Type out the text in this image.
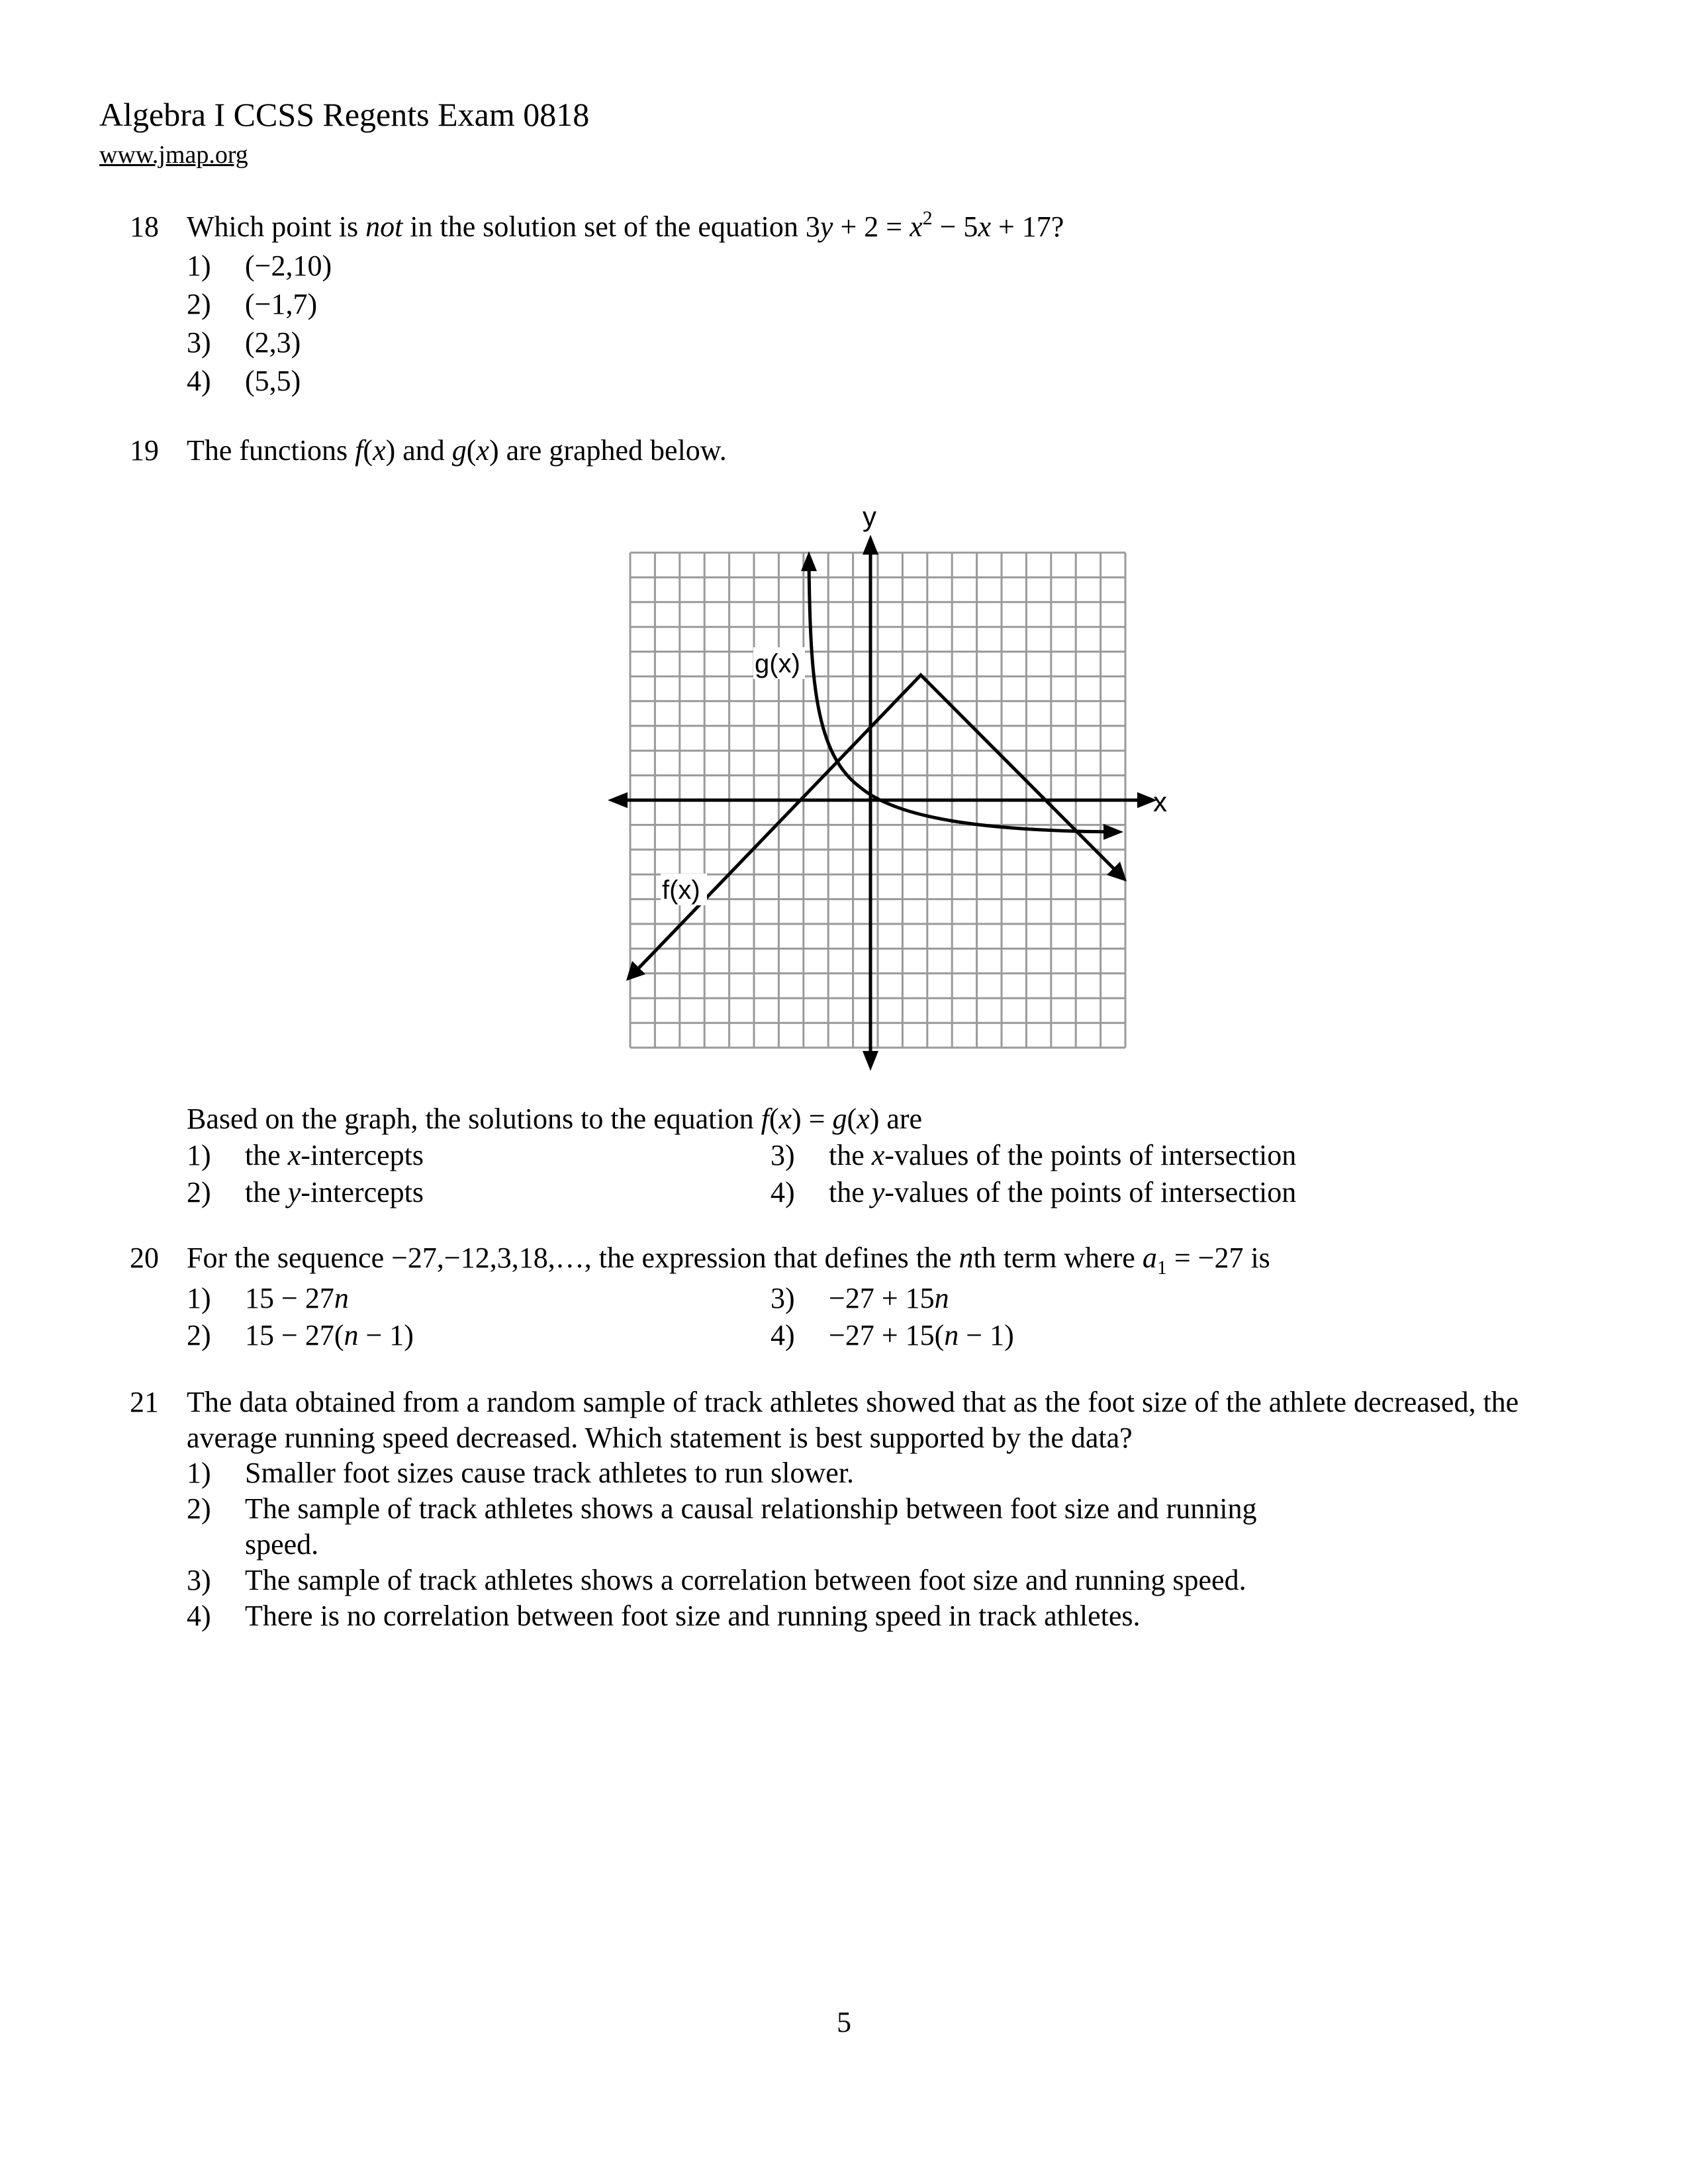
Algebra I CCSS Regents Exam 0818
www.jmap.org
18 Which point is not in the solution set of the equation $3y + 2 = x^2 - 5x + 17$?
1) (−2,10)
2) (−1,7)
3) (2,3)
4) (5,5)
19 The functions f(x) and g(x) are graphed below.
x
y
g(x)
f(x)
Based on the graph, the solutions to the equation f(x) = g(x) are
1) the x-intercepts
2) the y-intercepts
3) the x-values of the points of intersection
4) the y-values of the points of intersection
20 For the sequence −27,−12,3,18,…, the expression that defines the nth term where $a_1 = -27$ is
1) 15 − 27n
2) 15 − 27(n − 1)
3) −27 + 15n
4) −27 + 15(n − 1)
21 The data obtained from a random sample of track athletes showed that as the foot size of the athlete decreased, the
average running speed decreased. Which statement is best supported by the data?
1) Smaller foot sizes cause track athletes to run slower.
2) The sample of track athletes shows a causal relationship between foot size and running
speed.
3) The sample of track athletes shows a correlation between foot size and running speed.
4) There is no correlation between foot size and running speed in track athletes.
5
